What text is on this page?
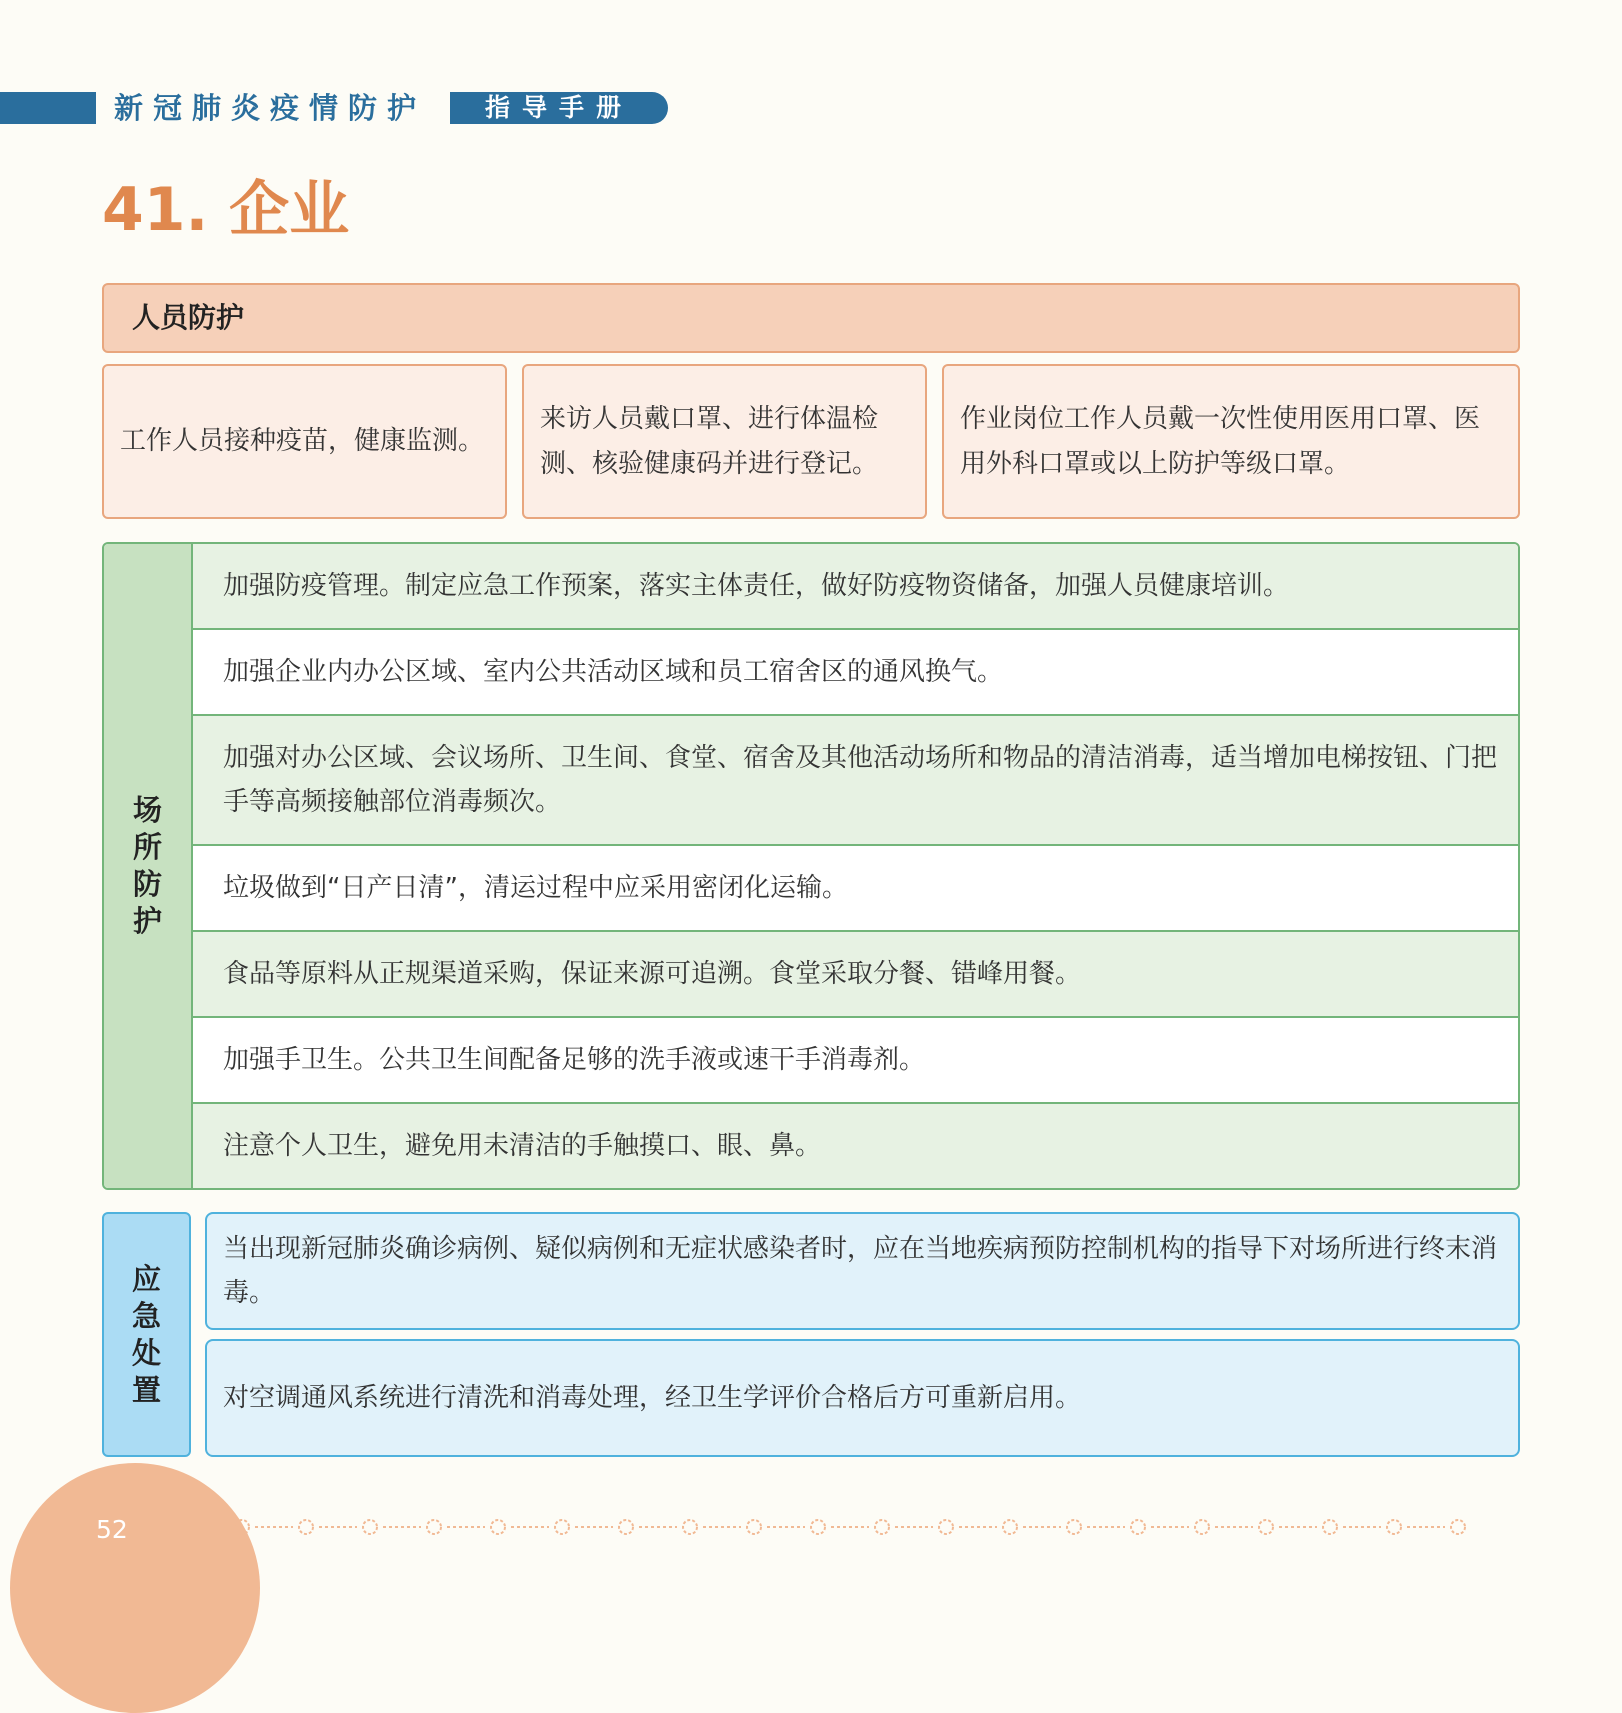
新冠肺炎疫情防护	指导手册
41. 企业
人员防护
工作人员接种疫苗，健康监测。
来访人员戴口罩、进行体温检测、核验健康码并进行登记。
作业岗位工作人员戴一次性使用医用口罩、医用外科口罩或以上防护等级口罩。
场所防护
加强防疫管理。制定应急工作预案，落实主体责任，做好防疫物资储备，加强人员健康培训。
加强企业内办公区域、室内公共活动区域和员工宿舍区的通风换气。
加强对办公区域、会议场所、卫生间、食堂、宿舍及其他活动场所和物品的清洁消毒，适当增加电梯按钮、门把手等高频接触部位消毒频次。
垃圾做到“日产日清”，清运过程中应采用密闭化运输。
食品等原料从正规渠道采购，保证来源可追溯。食堂采取分餐、错峰用餐。
加强手卫生。公共卫生间配备足够的洗手液或速干手消毒剂。
注意个人卫生，避免用未清洁的手触摸口、眼、鼻。
应急处置
当出现新冠肺炎确诊病例、疑似病例和无症状感染者时，应在当地疾病预防控制机构的指导下对场所进行终末消毒。
对空调通风系统进行清洗和消毒处理，经卫生学评价合格后方可重新启用。
52
